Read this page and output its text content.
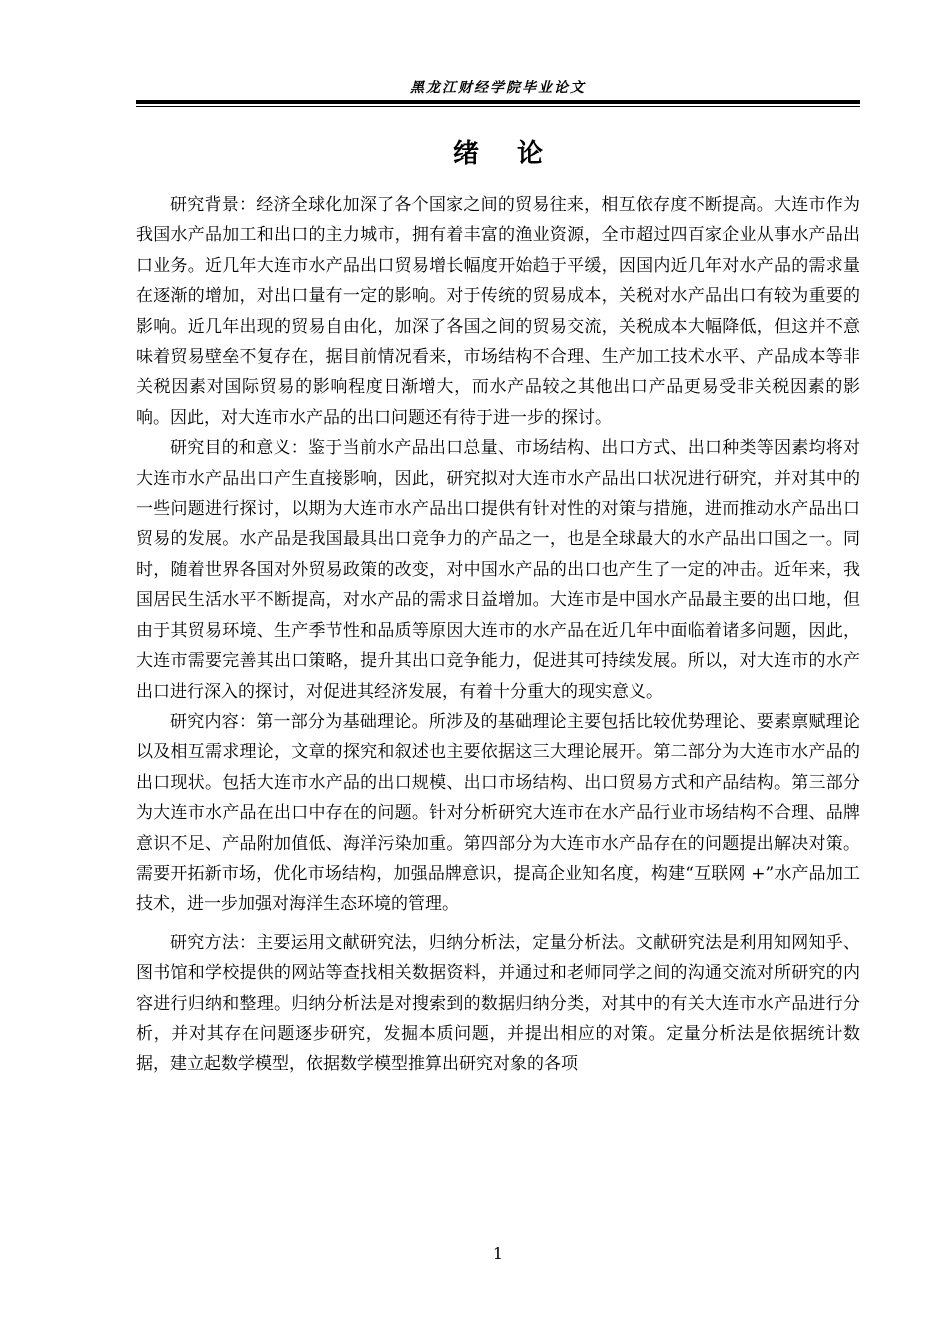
黑龙江财经学院毕业论文
绪论

研究背景：经济全球化加深了各个国家之间的贸易往来，相互依存度不断提高。大连市作为我国水产品加工和出口的主力城市，拥有着丰富的渔业资源，全市超过四百家企业从事水产品出口业务。近几年大连市水产品出口贸易增长幅度开始趋于平缓，因国内近几年对水产品的需求量在逐渐的增加，对出口量有一定的影响。对于传统的贸易成本，关税对水产品出口有较为重要的影响。近几年出现的贸易自由化，加深了各国之间的贸易交流，关税成本大幅降低，但这并不意味着贸易壁垒不复存在，据目前情况看来，市场结构不合理、生产加工技术水平、产品成本等非关税因素对国际贸易的影响程度日渐增大，而水产品较之其他出口产品更易受非关税因素的影响。因此，对大连市水产品的出口问题还有待于进一步的探讨。

研究目的和意义：鉴于当前水产品出口总量、市场结构、出口方式、出口种类等因素均将对大连市水产品出口产生直接影响，因此，研究拟对大连市水产品出口状况进行研究，并对其中的一些问题进行探讨，以期为大连市水产品出口提供有针对性的对策与措施，进而推动水产品出口贸易的发展。水产品是我国最具出口竞争力的产品之一，也是全球最大的水产品出口国之一。同时，随着世界各国对外贸易政策的改变，对中国水产品的出口也产生了一定的冲击。近年来，我国居民生活水平不断提高，对水产品的需求日益增加。大连市是中国水产品最主要的出口地，但由于其贸易环境、生产季节性和品质等原因大连市的水产品在近几年中面临着诸多问题，因此，大连市需要完善其出口策略，提升其出口竞争能力，促进其可持续发展。所以，对大连市的水产出口进行深入的探讨，对促进其经济发展，有着十分重大的现实意义。

研究内容：第一部分为基础理论。所涉及的基础理论主要包括比较优势理论、要素禀赋理论以及相互需求理论，文章的探究和叙述也主要依据这三大理论展开。第二部分为大连市水产品的出口现状。包括大连市水产品的出口规模、出口市场结构、出口贸易方式和产品结构。第三部分为大连市水产品在出口中存在的问题。针对分析研究大连市在水产品行业市场结构不合理、品牌意识不足、产品附加值低、海洋污染加重。第四部分为大连市水产品存在的问题提出解决对策。需要开拓新市场，优化市场结构，加强品牌意识，提高企业知名度，构建“互联网 +”水产品加工技术，进一步加强对海洋生态环境的管理。

研究方法：主要运用文献研究法，归纳分析法，定量分析法。文献研究法是利用知网知乎、图书馆和学校提供的网站等查找相关数据资料，并通过和老师同学之间的沟通交流对所研究的内容进行归纳和整理。归纳分析法是对搜索到的数据归纳分类，对其中的有关大连市水产品进行分析，并对其存在问题逐步研究，发掘本质问题，并提出相应的对策。定量分析法是依据统计数据，建立起数学模型，依据数学模型推算出研究对象的各项

1
